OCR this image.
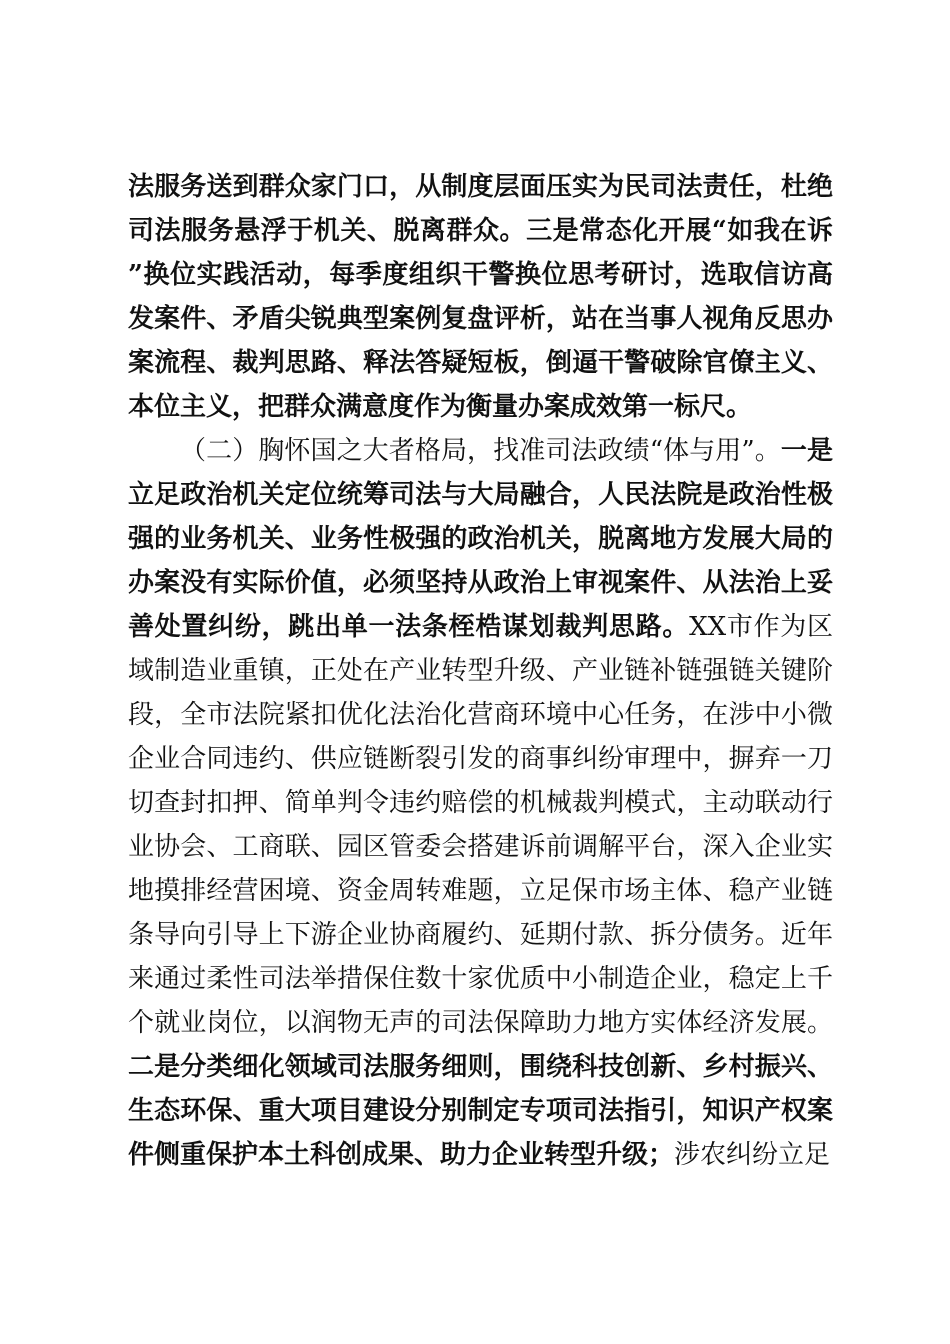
法服务送到群众家门口，从制度层面压实为民司法责任，杜绝司法服务悬浮于机关、脱离群众。三是常态化开展“如我在诉”换位实践活动，每季度组织干警换位思考研讨，选取信访高发案件、矛盾尖锐典型案例复盘评析，站在当事人视角反思办案流程、裁判思路、释法答疑短板，倒逼干警破除官僚主义、本位主义，把群众满意度作为衡量办案成效第一标尺。

（二）胸怀国之大者格局，找准司法政绩“体与用”。一是立足政治机关定位统筹司法与大局融合，人民法院是政治性极强的业务机关、业务性极强的政治机关，脱离地方发展大局的办案没有实际价值，必须坚持从政治上审视案件、从法治上妥善处置纠纷，跳出单一法条桎梏谋划裁判思路。XX市作为区域制造业重镇，正处在产业转型升级、产业链补链强链关键阶段，全市法院紧扣优化法治化营商环境中心任务，在涉中小微企业合同违约、供应链断裂引发的商事纠纷审理中，摒弃一刀切查封扣押、简单判令违约赔偿的机械裁判模式，主动联动行业协会、工商联、园区管委会搭建诉前调解平台，深入企业实地摸排经营困境、资金周转难题，立足保市场主体、稳产业链条导向引导上下游企业协商履约、延期付款、拆分债务。近年来通过柔性司法举措保住数十家优质中小制造企业，稳定上千个就业岗位，以润物无声的司法保障助力地方实体经济发展。二是分类细化领域司法服务细则，围绕科技创新、乡村振兴、生态环保、重大项目建设分别制定专项司法指引，知识产权案件侧重保护本土科创成果、助力企业转型升级；涉农纠纷立足
